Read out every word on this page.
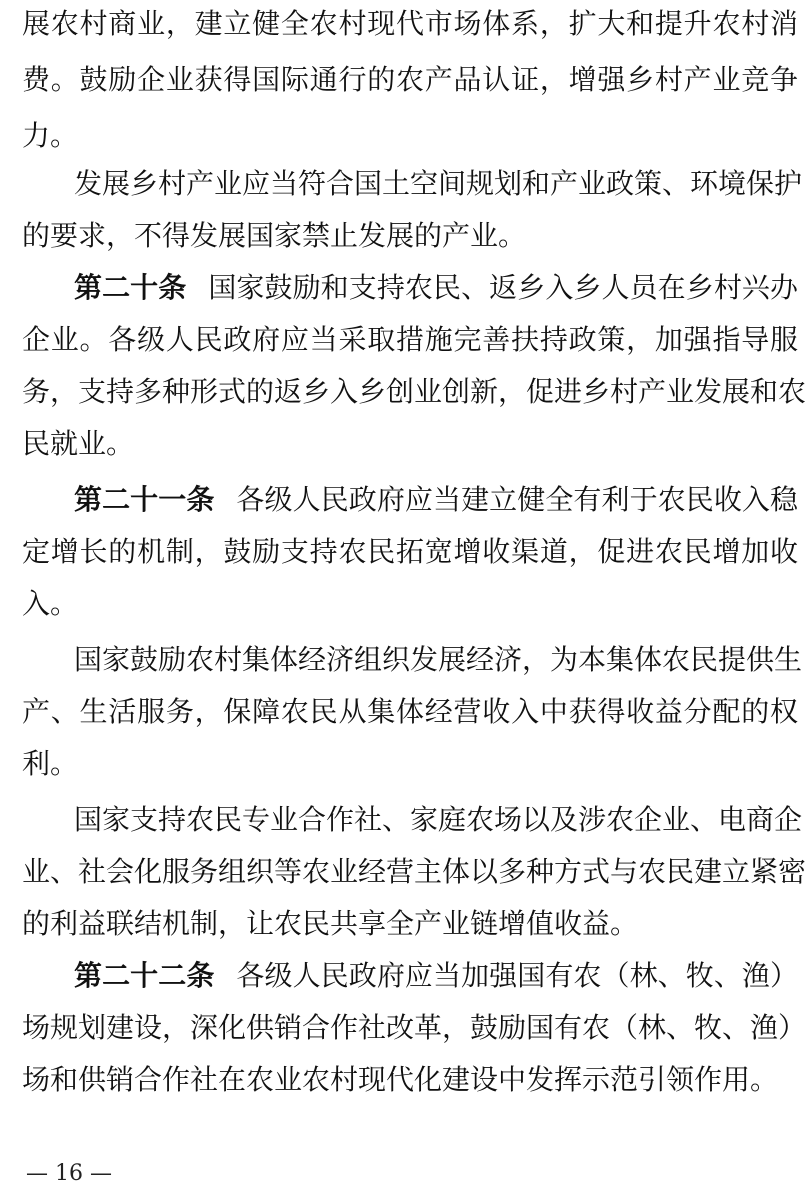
展农村商业，建立健全农村现代市场体系，扩大和提升农村消
费。鼓励企业获得国际通行的农产品认证，增强乡村产业竞争
力。
发展乡村产业应当符合国土空间规划和产业政策、环境保护
的要求，不得发展国家禁止发展的产业。
第二十条 国家鼓励和支持农民、返乡入乡人员在乡村兴办
企业。各级人民政府应当采取措施完善扶持政策，加强指导服
务，支持多种形式的返乡入乡创业创新，促进乡村产业发展和农
民就业。
第二十一条 各级人民政府应当建立健全有利于农民收入稳
定增长的机制，鼓励支持农民拓宽增收渠道，促进农民增加收
入。
国家鼓励农村集体经济组织发展经济，为本集体农民提供生
产、生活服务，保障农民从集体经营收入中获得收益分配的权
利。
国家支持农民专业合作社、家庭农场以及涉农企业、电商企
业、社会化服务组织等农业经营主体以多种方式与农民建立紧密
的利益联结机制，让农民共享全产业链增值收益。
第二十二条 各级人民政府应当加强国有农（林、牧、渔）
场规划建设，深化供销合作社改革，鼓励国有农（林、牧、渔）
场和供销合作社在农业农村现代化建设中发挥示范引领作用。
— 16 —
